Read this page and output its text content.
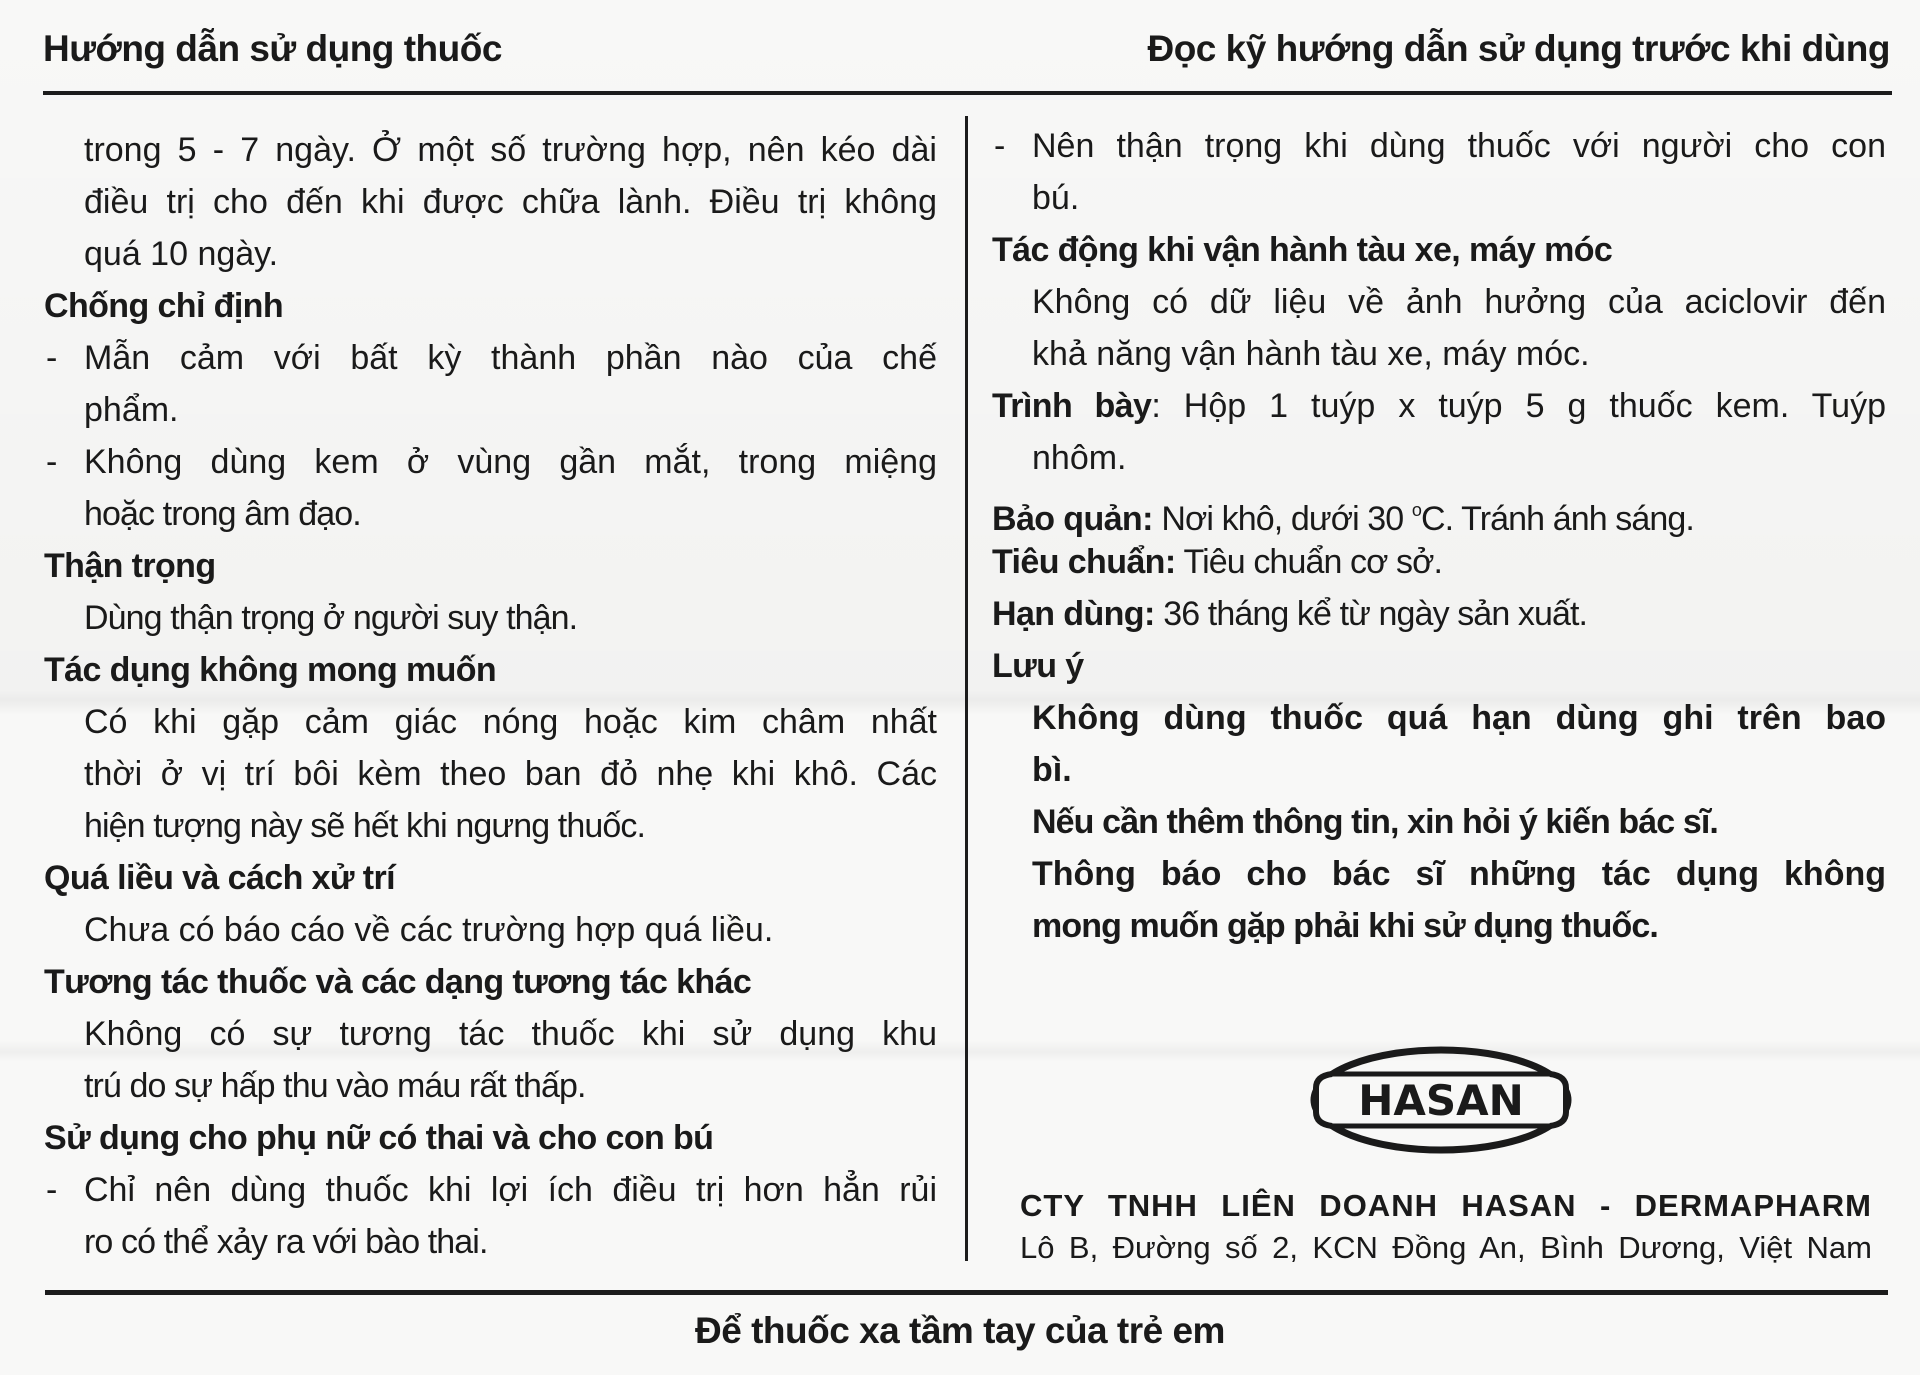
Hướng dẫn sử dụng thuốc	Đọc kỹ hướng dẫn sử dụng trước khi dùng
trong 5 - 7 ngày. Ở một số trường hợp, nên kéo dài
điều trị cho đến khi được chữa lành. Điều trị không
quá 10 ngày.
Chống chỉ định
- Mẫn cảm với bất kỳ thành phần nào của chế
phẩm.
- Không dùng kem ở vùng gần mắt, trong miệng
hoặc trong âm đạo.
Thận trọng
Dùng thận trọng ở người suy thận.
Tác dụng không mong muốn
Có khi gặp cảm giác nóng hoặc kim châm nhất
thời ở vị trí bôi kèm theo ban đỏ nhẹ khi khô. Các
hiện tượng này sẽ hết khi ngưng thuốc.
Quá liều và cách xử trí
Chưa có báo cáo về các trường hợp quá liều.
Tương tác thuốc và các dạng tương tác khác
Không có sự tương tác thuốc khi sử dụng khu
trú do sự hấp thu vào máu rất thấp.
Sử dụng cho phụ nữ có thai và cho con bú
- Chỉ nên dùng thuốc khi lợi ích điều trị hơn hẳn rủi
ro có thể xảy ra với bào thai.
- Nên thận trọng khi dùng thuốc với người cho con
bú.
Tác động khi vận hành tàu xe, máy móc
Không có dữ liệu về ảnh hưởng của aciclovir đến
khả năng vận hành tàu xe, máy móc.
Trình bày: Hộp 1 tuýp x tuýp 5 g thuốc kem. Tuýp
nhôm.
Bảo quản: Nơi khô, dưới 30 $^o$C. Tránh ánh sáng.
Tiêu chuẩn: Tiêu chuẩn cơ sở.
Hạn dùng: 36 tháng kể từ ngày sản xuất.
Lưu ý
Không dùng thuốc quá hạn dùng ghi trên bao
bì.
Nếu cần thêm thông tin, xin hỏi ý kiến bác sĩ.
Thông báo cho bác sĩ những tác dụng không
mong muốn gặp phải khi sử dụng thuốc.
HASAN
CTY TNHH LIÊN DOANH HASAN - DERMAPHARM
Lô B, Đường số 2, KCN Đồng An, Bình Dương, Việt Nam
Để thuốc xa tầm tay của trẻ em
